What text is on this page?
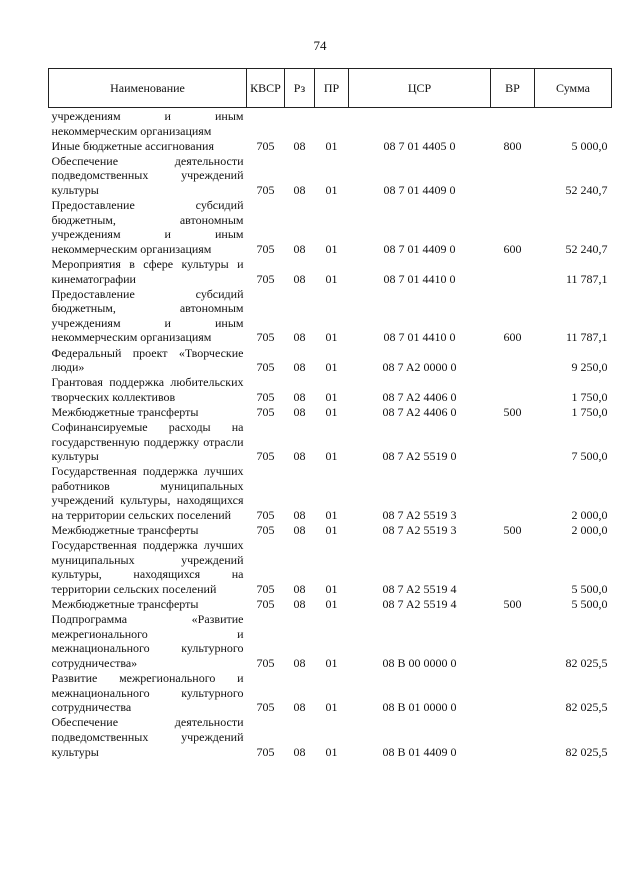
74
Наименование	КВСР	Рз	ПР	ЦСР	ВР	Сумма

учреждениям и иным некоммерческим организациям						

Иные бюджетные ассигнования	705	08	01	08 7 01 4405 0	800	5 000,0

Обеспечение деятельности подведомственных учреждений культуры	705	08	01	08 7 01 4409 0		52 240,7

Предоставление субсидий бюджетным, автономным учреждениям и иным некоммерческим организациям	705	08	01	08 7 01 4409 0	600	52 240,7

Мероприятия в сфере культуры и кинематографии	705	08	01	08 7 01 4410 0		11 787,1

Предоставление субсидий бюджетным, автономным учреждениям и иным некоммерческим организациям	705	08	01	08 7 01 4410 0	600	11 787,1

Федеральный проект «Творческие люди»	705	08	01	08 7 A2 0000 0		9 250,0

Грантовая поддержка любительских творческих коллективов	705	08	01	08 7 A2 4406 0		1 750,0

Межбюджетные трансферты	705	08	01	08 7 A2 4406 0	500	1 750,0

Софинансируемые расходы на государственную поддержку отрасли культуры	705	08	01	08 7 A2 5519 0		7 500,0

Государственная поддержка лучших работников муниципальных учреждений культуры, находящихся на территории сельских поселений	705	08	01	08 7 A2 5519 3		2 000,0

Межбюджетные трансферты	705	08	01	08 7 A2 5519 3	500	2 000,0

Государственная поддержка лучших муниципальных учреждений культуры, находящихся на территории сельских поселений	705	08	01	08 7 A2 5519 4		5 500,0

Межбюджетные трансферты	705	08	01	08 7 A2 5519 4	500	5 500,0

Подпрограмма «Развитие межрегионального и межнационального культурного сотрудничества»	705	08	01	08 B 00 0000 0		82 025,5

Развитие межрегионального и межнационального культурного сотрудничества	705	08	01	08 B 01 0000 0		82 025,5

Обеспечение деятельности подведомственных учреждений культуры	705	08	01	08 B 01 4409 0		82 025,5
